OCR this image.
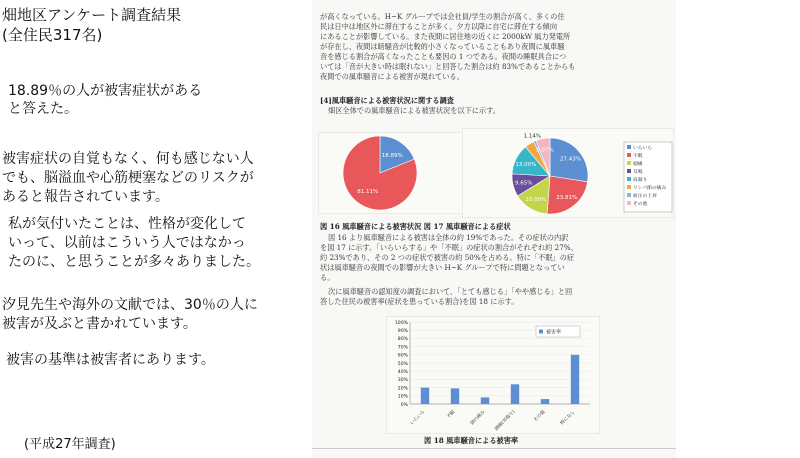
畑地区アンケート調査結果
(全住民317名)
18.89％の人が被害症状がある
と答えた。
被害症状の自覚もなく、何も感じない人
でも、脳溢血や心筋梗塞などのリスクが
あると報告されています。
私が気付いたことは、性格が変化して
いって、以前はこういう人ではなかっ
たのに、と思うことが多々ありました。
汐見先生や海外の文献では、30％の人に
被害が及ぶと書かれています。
被害の基準は被害者にあります。
(平成27年調査)
が高くなっている。H~K グループでは会社員/学生の割合が高く、多くの住
民は日中は地区外に滞在することが多く、夕方以降に自宅に滞在する傾向
にあることが影響している。また夜間に居住地の近くに 2000kW 風力発電所
が存在し、夜間は暗騒音が比較的小さくなっていることもあり夜間に風車騒
音を感じる割合が高くなったことも要因の 1 つである。夜間の睡眠具合につ
いては「音が大きい時は眠れない」と回答した割合は約 83%であることからも
夜間での風車騒音による被害が現れている。
[4]風車騒音による被害状況に関する調査
畑区全体での風車騒音による被害状況を以下に示す。
18.89%
81.11%
27.43%
23.81%
15.00%
9.65%
13.00%
1.14%
5.97%	いらいら
不眠
頭痛
耳鳴
肩凝り
リンパ節の痛み
血圧の上昇
その他
図 16 風車騒音による被害状況 図 17 風車騒音による症状
図 16 より風車騒音による被害は全体の約 19%であった。その症状の内訳
を図 17 に示す。「いらいらする」や「不眠」の症状の割合がそれぞれ約 27%、
約 23%であり、その 2 つの症状で被害の約 50%を占める。特に「不眠」の症
状は風車騒音の夜間での影響が大きい H~K グループで特に問題となってい
る。
次に風車騒音の認知度の調査において、「とても感じる」「やや感じる」と回
答した住民の被害率(症状を患っている割合)を図 18 に示す。
0%
10%
20%
30%
40%
50%
60%
70%
80%
90%
100%
いらいら	不眠	頭の痛み	頭痛(耳鳴り)	その他	特になし
被害率
図 18 風車騒音による被害率
